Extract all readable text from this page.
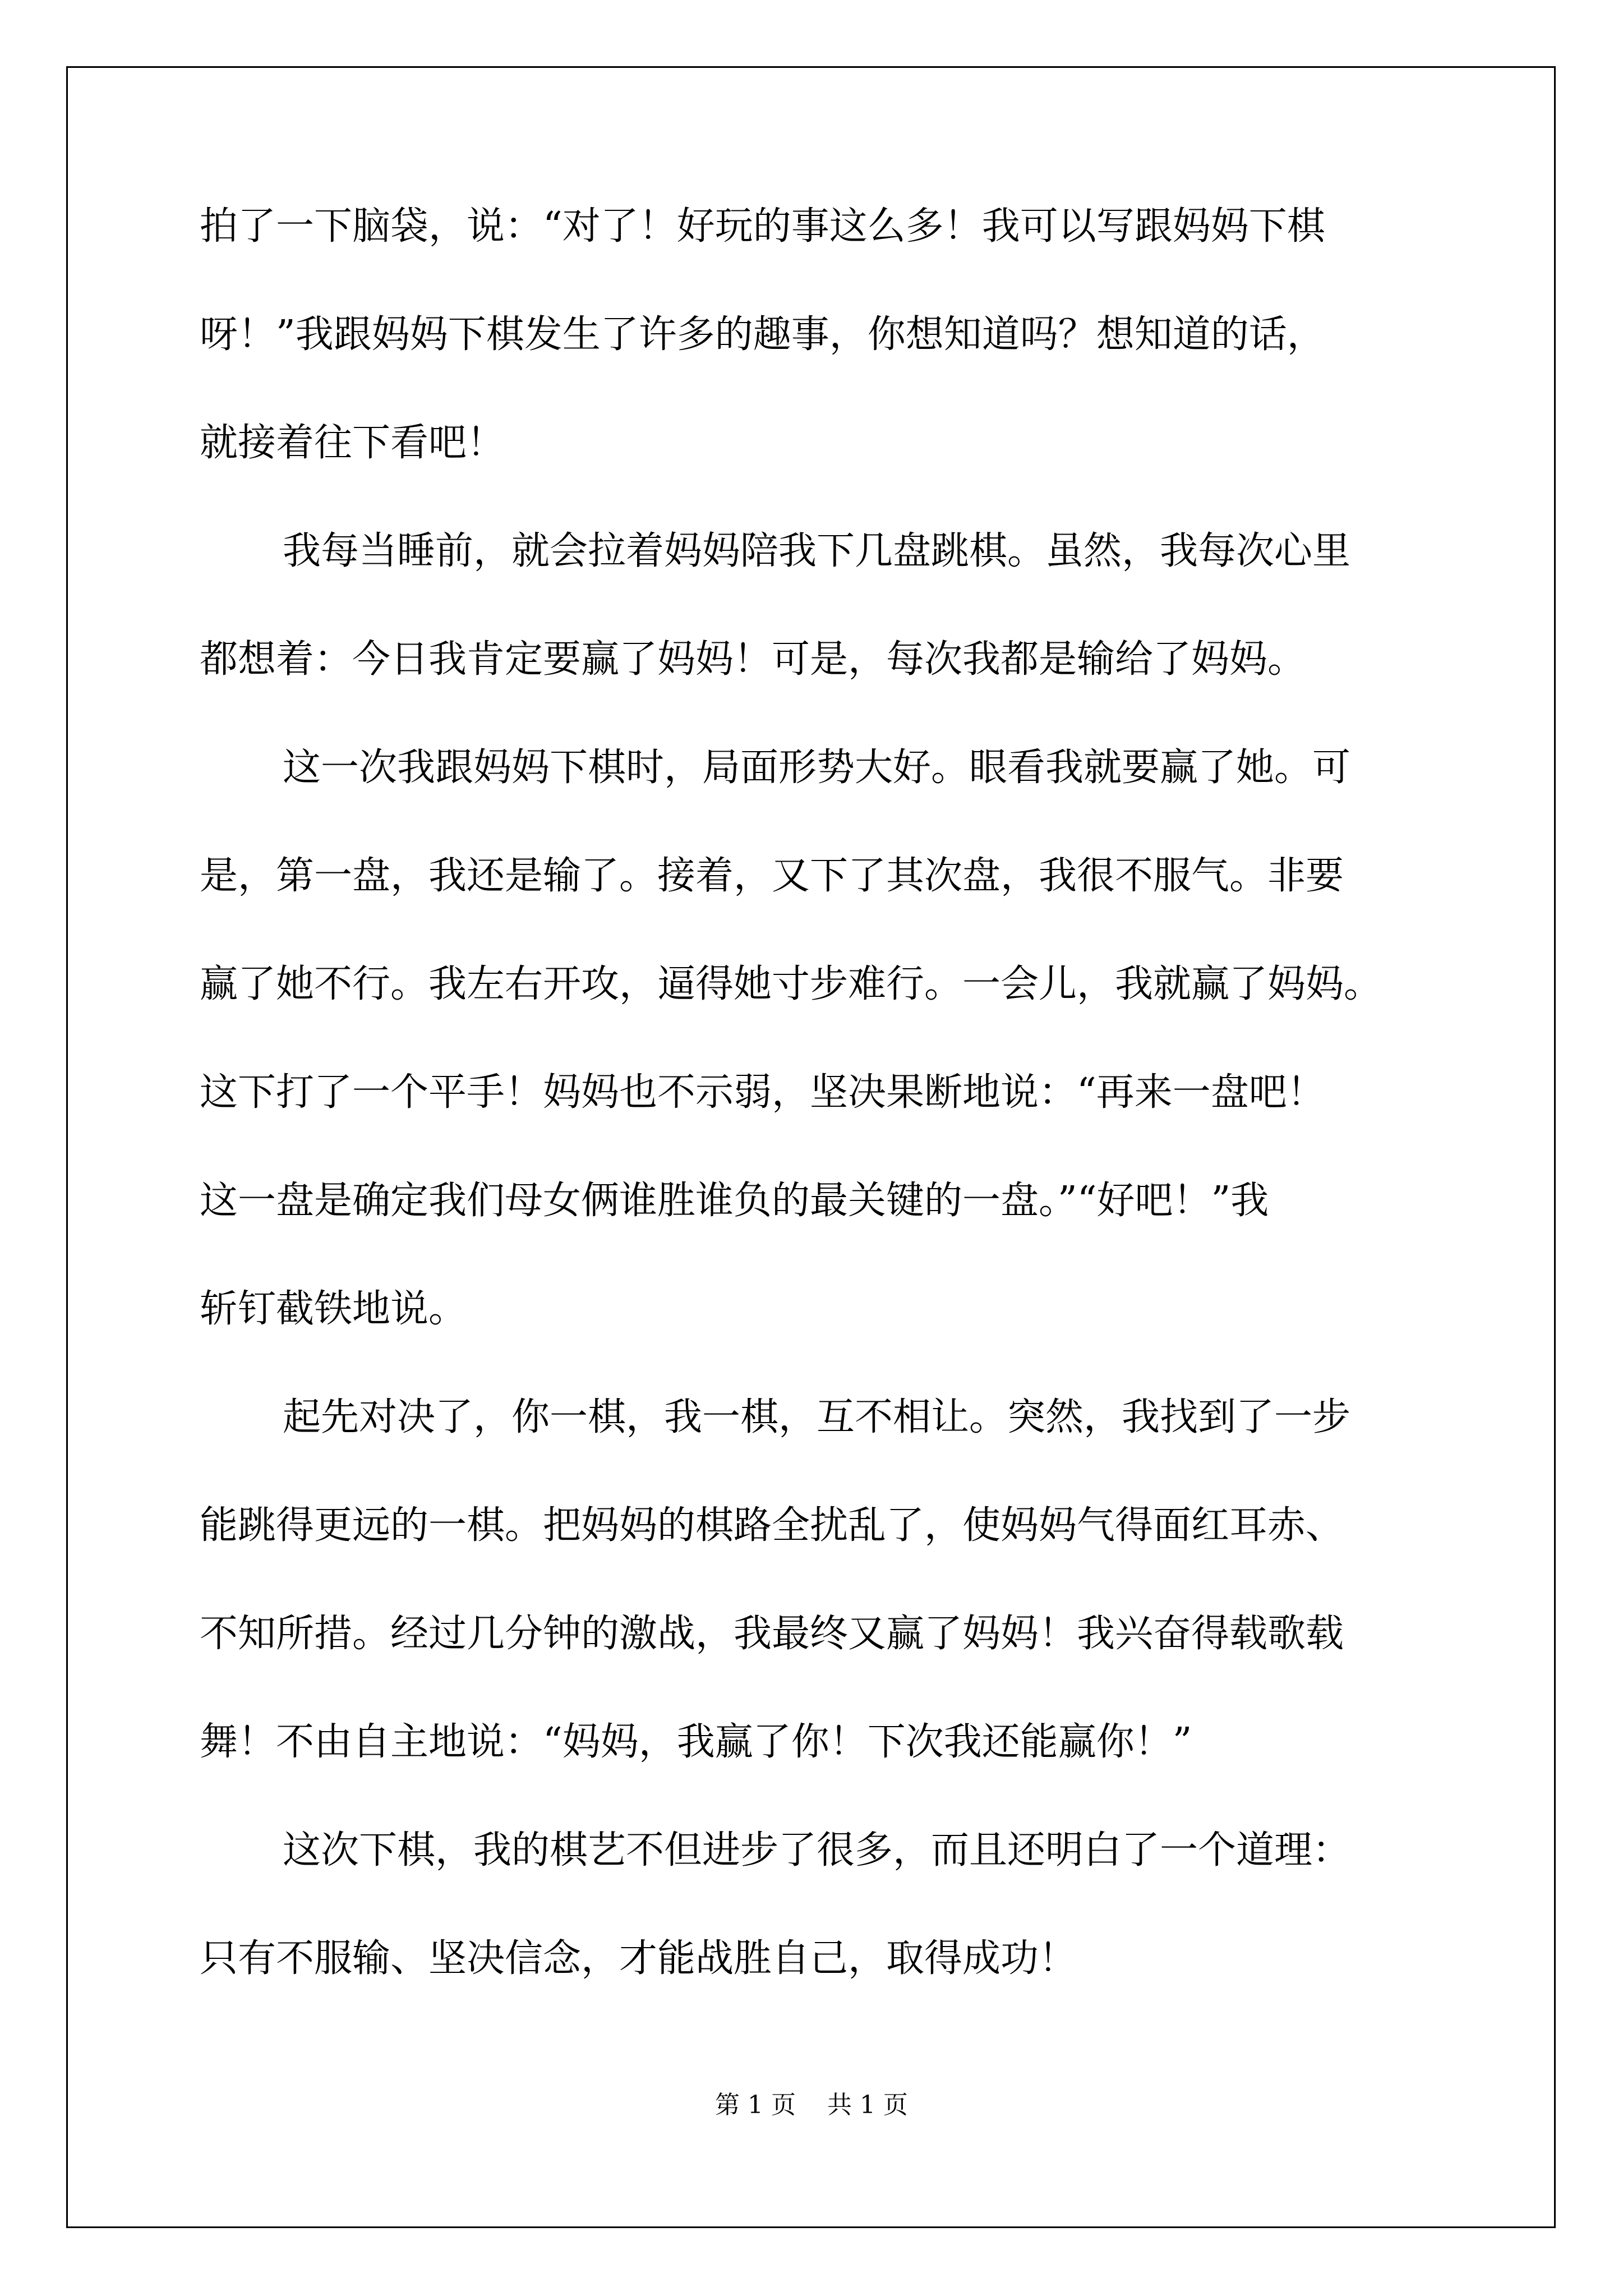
拍了一下脑袋，说：“对了！好玩的事这么多！我可以写跟妈妈下棋
呀！”我跟妈妈下棋发生了许多的趣事，你想知道吗？想知道的话，
就接着往下看吧！
我每当睡前，就会拉着妈妈陪我下几盘跳棋。虽然，我每次心里
都想着：今日我肯定要赢了妈妈！可是，每次我都是输给了妈妈。
这一次我跟妈妈下棋时，局面形势大好。眼看我就要赢了她。可
是，第一盘，我还是输了。接着，又下了其次盘，我很不服气。非要
赢了她不行。我左右开攻，逼得她寸步难行。一会儿，我就赢了妈妈。
这下打了一个平手！妈妈也不示弱，坚决果断地说：“再来一盘吧！
这一盘是确定我们母女俩谁胜谁负的最关键的一盘。”“好吧！”我
斩钉截铁地说。
起先对决了，你一棋，我一棋，互不相让。突然，我找到了一步
能跳得更远的一棋。把妈妈的棋路全扰乱了，使妈妈气得面红耳赤、
不知所措。经过几分钟的激战，我最终又赢了妈妈！我兴奋得载歌载
舞！不由自主地说：“妈妈，我赢了你！下次我还能赢你！”
这次下棋，我的棋艺不但进步了很多，而且还明白了一个道理：
只有不服输、坚决信念，才能战胜自己，取得成功！
第 1 页    共 1 页
